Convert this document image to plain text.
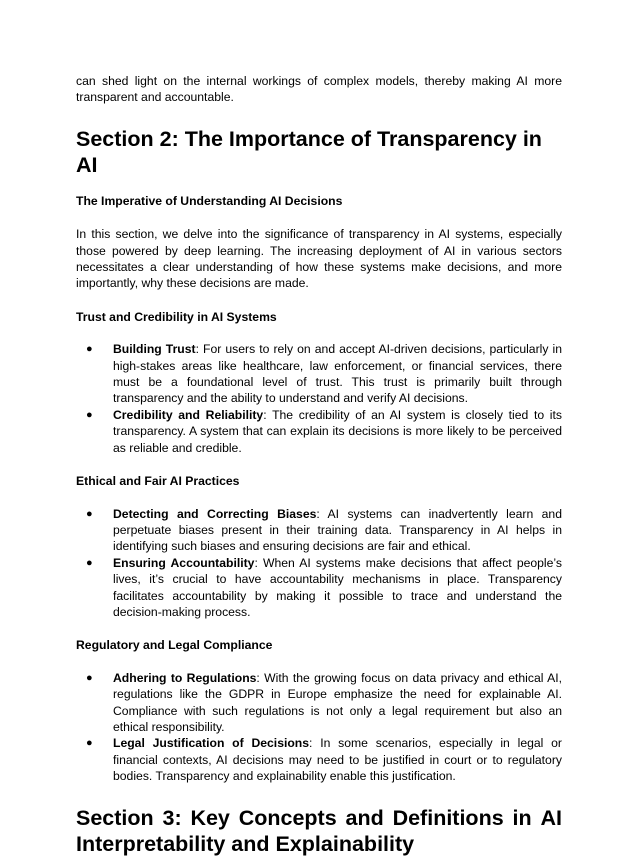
can shed light on the internal workings of complex models, thereby making AI more transparent and accountable.

Section 2: The Importance of Transparency in AI
The Imperative of Understanding AI Decisions

In this section, we delve into the significance of transparency in AI systems, especially those powered by deep learning. The increasing deployment of AI in various sectors necessitates a clear understanding of how these systems make decisions, and more importantly, why these decisions are made.

Trust and Credibility in AI Systems
● Building Trust: For users to rely on and accept AI-driven decisions, particularly in high-stakes areas like healthcare, law enforcement, or financial services, there must be a foundational level of trust. This trust is primarily built through transparency and the ability to understand and verify AI decisions.
● Credibility and Reliability: The credibility of an AI system is closely tied to its transparency. A system that can explain its decisions is more likely to be perceived as reliable and credible.
Ethical and Fair AI Practices
● Detecting and Correcting Biases: AI systems can inadvertently learn and perpetuate biases present in their training data. Transparency in AI helps in identifying such biases and ensuring decisions are fair and ethical.
● Ensuring Accountability: When AI systems make decisions that affect people’s lives, it’s crucial to have accountability mechanisms in place. Transparency facilitates accountability by making it possible to trace and understand the decision-making process.
Regulatory and Legal Compliance
● Adhering to Regulations: With the growing focus on data privacy and ethical AI, regulations like the GDPR in Europe emphasize the need for explainable AI. Compliance with such regulations is not only a legal requirement but also an ethical responsibility.
● Legal Justification of Decisions: In some scenarios, especially in legal or financial contexts, AI decisions may need to be justified in court or to regulatory bodies. Transparency and explainability enable this justification.
Section 3: Key Concepts and Definitions in AI
Interpretability and Explainability
